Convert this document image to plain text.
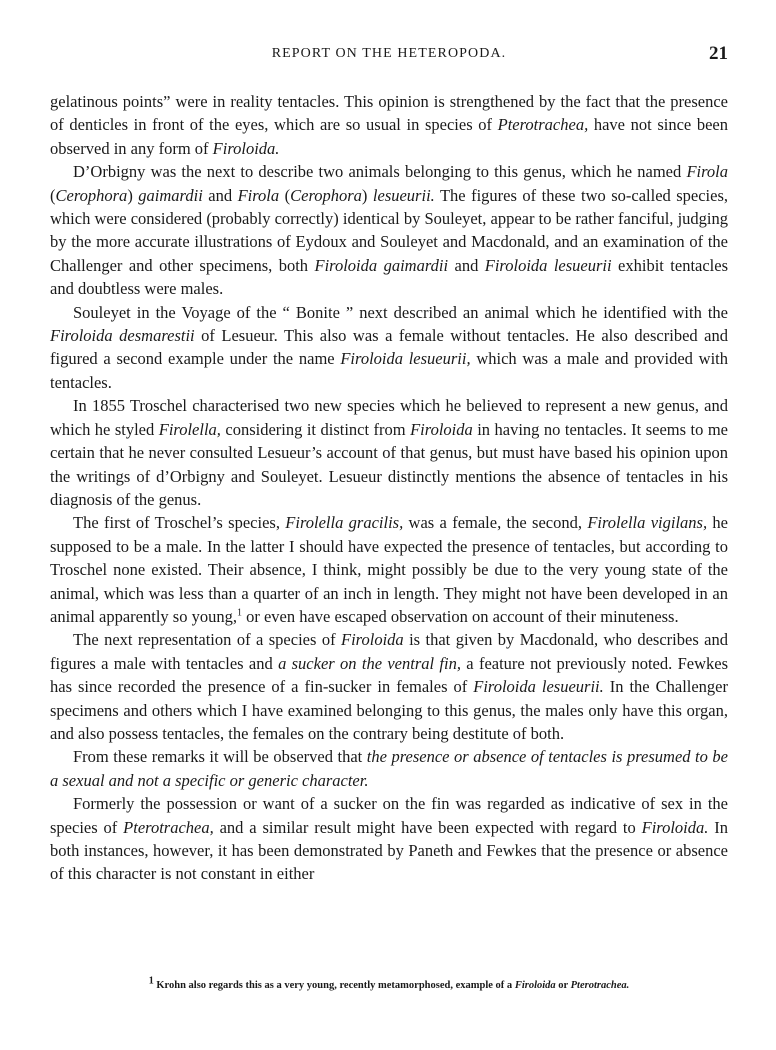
REPORT ON THE HETEROPODA.	21

gelatinous points” were in reality tentacles. This opinion is strengthened by the fact that the presence of denticles in front of the eyes, which are so usual in species of Pterotrachea, have not since been observed in any form of Firoloida.

D’Orbigny was the next to describe two animals belonging to this genus, which he named Firola (Cerophora) gaimardii and Firola (Cerophora) lesueurii. The figures of these two so-called species, which were considered (probably correctly) identical by Souleyet, appear to be rather fanciful, judging by the more accurate illustrations of Eydoux and Souleyet and Macdonald, and an examination of the Challenger and other specimens, both Firoloida gaimardii and Firoloida lesueurii exhibit tentacles and doubtless were males.

Souleyet in the Voyage of the “ Bonite ” next described an animal which he identified with the Firoloida desmarestii of Lesueur. This also was a female without tentacles. He also described and figured a second example under the name Firoloida lesueurii, which was a male and provided with tentacles.

In 1855 Troschel characterised two new species which he believed to represent a new genus, and which he styled Firolella, considering it distinct from Firoloida in having no tentacles. It seems to me certain that he never consulted Lesueur’s account of that genus, but must have based his opinion upon the writings of d’Orbigny and Souleyet. Lesueur distinctly mentions the absence of tentacles in his diagnosis of the genus.

The first of Troschel’s species, Firolella gracilis, was a female, the second, Firolella vigilans, he supposed to be a male. In the latter I should have expected the presence of tentacles, but according to Troschel none existed. Their absence, I think, might possibly be due to the very young state of the animal, which was less than a quarter of an inch in length. They might not have been developed in an animal apparently so young,$^1$ or even have escaped observation on account of their minuteness.

The next representation of a species of Firoloida is that given by Macdonald, who describes and figures a male with tentacles and a sucker on the ventral fin, a feature not previously noted. Fewkes has since recorded the presence of a fin-sucker in females of Firoloida lesueurii. In the Challenger specimens and others which I have examined belonging to this genus, the males only have this organ, and also possess tentacles, the females on the contrary being destitute of both.

From these remarks it will be observed that the presence or absence of tentacles is presumed to be a sexual and not a specific or generic character.

Formerly the possession or want of a sucker on the fin was regarded as indicative of sex in the species of Pterotrachea, and a similar result might have been expected with regard to Firoloida. In both instances, however, it has been demonstrated by Paneth and Fewkes that the presence or absence of this character is not constant in either

$^1$ Krohn also regards this as a very young, recently metamorphosed, example of a Firoloida or Pterotrachea.
